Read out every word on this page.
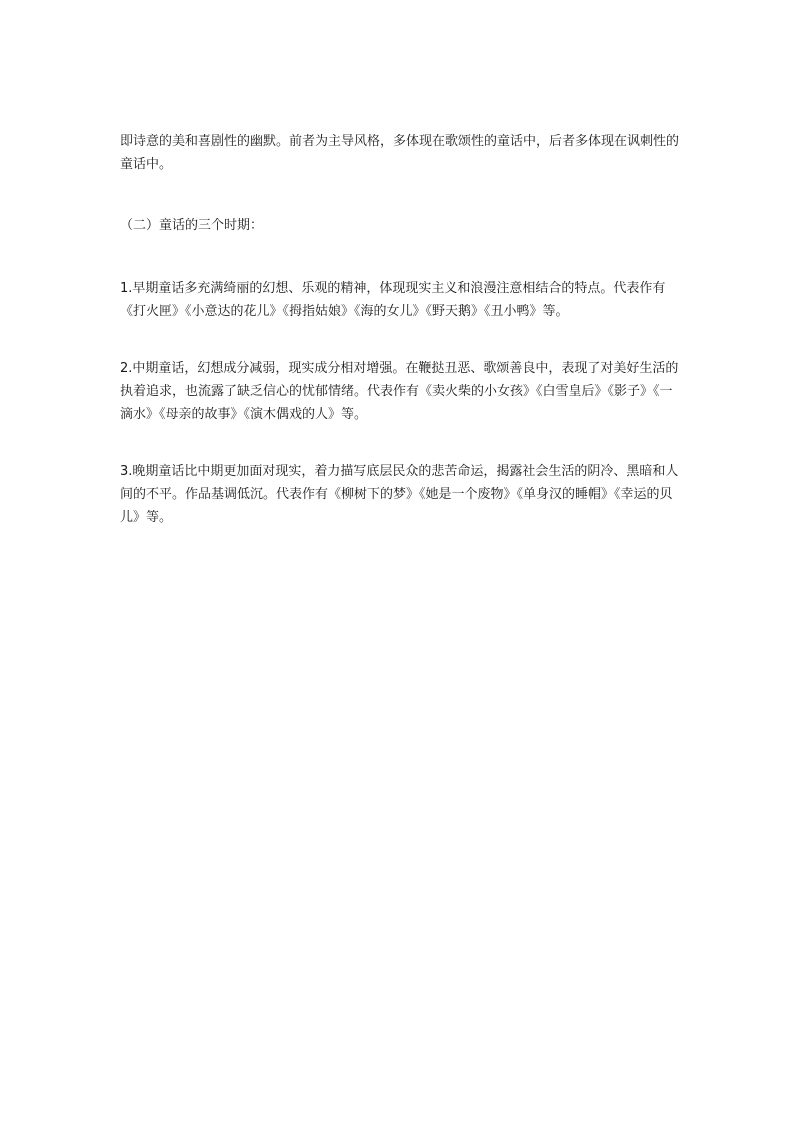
即诗意的美和喜剧性的幽默。前者为主导风格，多体现在歌颂性的童话中，后者多体现在讽刺性的童话中。

（二）童话的三个时期：

1.早期童话多充满绮丽的幻想、乐观的精神，体现现实主义和浪漫注意相结合的特点。代表作有《打火匣》《小意达的花儿》《拇指姑娘》《海的女儿》《野天鹅》《丑小鸭》等。

2.中期童话，幻想成分减弱，现实成分相对增强。在鞭挞丑恶、歌颂善良中，表现了对美好生活的执着追求，也流露了缺乏信心的忧郁情绪。代表作有《卖火柴的小女孩》《白雪皇后》《影子》《一滴水》《母亲的故事》《演木偶戏的人》等。

3.晚期童话比中期更加面对现实，着力描写底层民众的悲苦命运，揭露社会生活的阴冷、黑暗和人间的不平。作品基调低沉。代表作有《柳树下的梦》《她是一个废物》《单身汉的睡帽》《幸运的贝儿》等。
